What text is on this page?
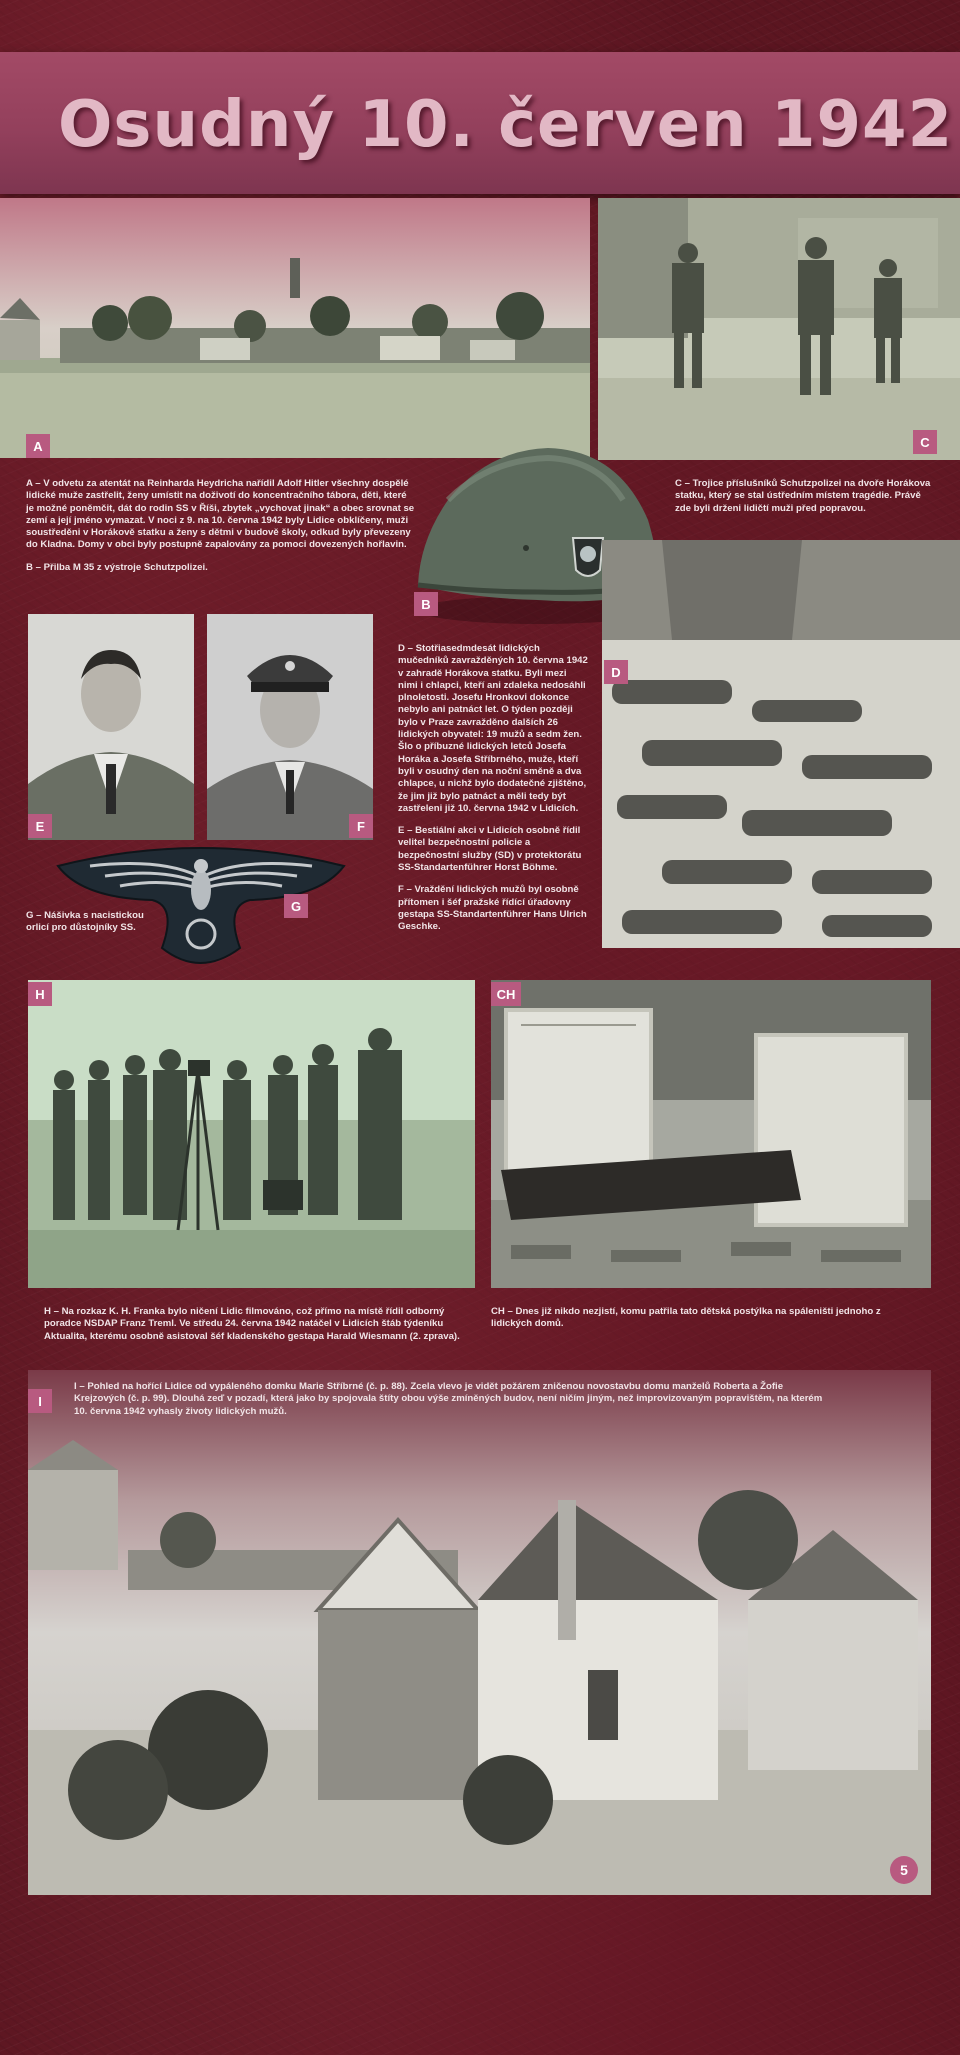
Osudný 10. červen 1942
A	C

A – V odvetu za atentát na Reinharda Heydricha nařídil Adolf Hitler všechny dospělé lidické muže zastřelit, ženy umístit na doživotí do koncentračního tábora, děti, které je možné poněmčit, dát do rodin SS v Říši, zbytek „vychovat jinak“ a obec srovnat se zemí a její jméno vymazat. V noci z 9. na 10. června 1942 byly Lidice obklíčeny, muži soustředěni v Horákově statku a ženy s dětmi v budově školy, odkud byly převezeny do Kladna. Domy v obci byly postupně zapalovány za pomoci dovezených hořlavin.

B – Přilba M 35 z výstroje Schutzpolizei.

B
C – Trojice příslušníků Schutzpolizei na dvoře Horákova statku, který se stal ústředním místem tragédie. Právě zde byli drženi lidičtí muži před popravou.
E	F
G
G – Nášivka s nacistickou orlicí pro důstojníky SS.

D – Stotřiasedmdesát lidických mučedníků zavražděných 10. června 1942 v zahradě Horákova statku. Byli mezi nimi i chlapci, kteří ani zdaleka nedosáhli plnoletosti. Josefu Hronkovi dokonce nebylo ani patnáct let. O týden později bylo v Praze zavražděno dalších 26 lidických obyvatel: 19 mužů a sedm žen. Šlo o příbuzné lidických letců Josefa Horáka a Josefa Stříbrného, muže, kteří byli v osudný den na noční směně a dva chlapce, u nichž bylo dodatečné zjištěno, že jim již bylo patnáct a měli tedy být zastřeleni již 10. června 1942 v Lidicích.

E – Bestiální akci v Lidicích osobně řídil velitel bezpečnostní policie a bezpečnostní služby (SD) v protektorátu SS-Standartenführer Horst Böhme.

F – Vraždění lidických mužů byl osobně přítomen i šéf pražské řídící úřadovny gestapa SS-Standartenführer Hans Ulrich Geschke.

D
H	CH
H – Na rozkaz K. H. Franka bylo ničení Lidic filmováno, což přímo na místě řídil odborný poradce NSDAP Franz Treml. Ve středu 24. června 1942 natáčel v Lidicích štáb týdeníku Aktualita, kterému osobně asistoval šéf kladenského gestapa Harald Wiesmann (2. zprava).
CH – Dnes již nikdo nezjistí, komu patřila tato dětská postýlka na spáleništi jednoho z lidických domů.
I
I – Pohled na hořící Lidice od vypáleného domku Marie Stříbrné (č. p. 88). Zcela vlevo je vidět požárem zničenou novostavbu domu manželů Roberta a Žofie Krejzových (č. p. 99). Dlouhá zeď v pozadí, která jako by spojovala štíty obou výše zmíněných budov, není ničím jiným, než improvizovaným popravištěm, na kterém 10. června 1942 vyhasly životy lidických mužů.
5
